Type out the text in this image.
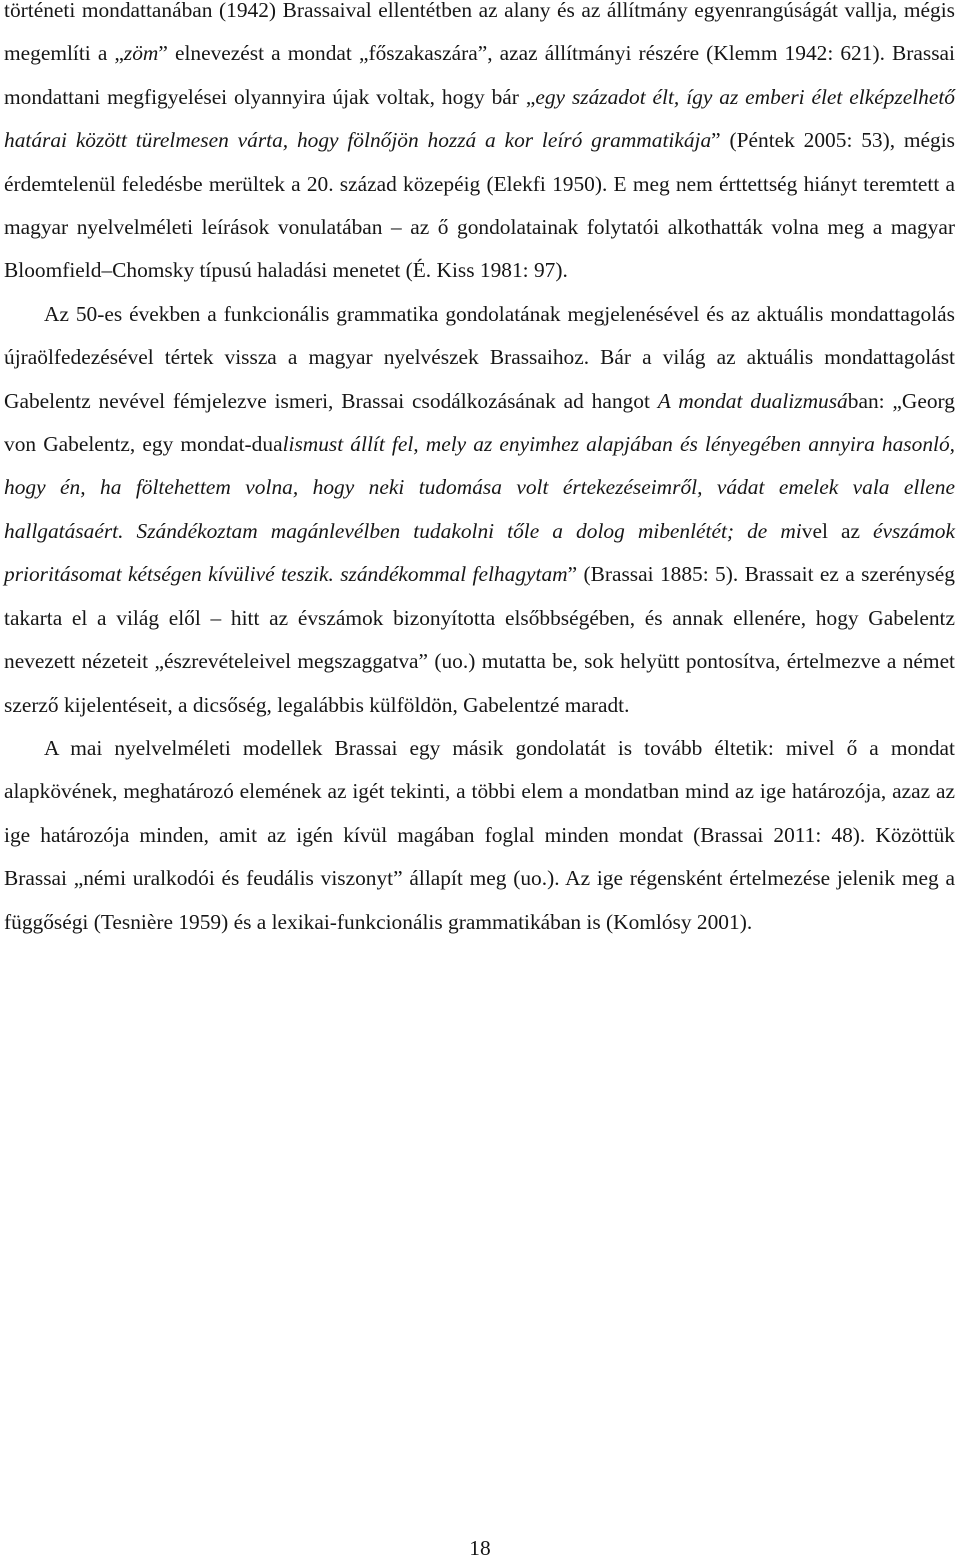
történeti mondattanában (1942) Brassaival ellentétben az alany és az állítmány egyenrangúságát vallja, mégis megemlíti a „zöm” elnevezést a mondat „főszakaszára”, azaz állítmányi részére (Klemm 1942: 621). Brassai mondattani megfigyelései olyannyira újak voltak, hogy bár „egy századot élt, így az emberi élet elképzelhető határai között türelmesen várta, hogy fölnőjön hozzá a kor leíró grammatikája” (Péntek 2005: 53), mégis érdemtelenül feledésbe merültek a 20. század közepéig (Elekfi 1950). E meg nem érttettség hiányt teremtett a magyar nyelvelméleti leírások vonulatában – az ő gondolatainak folytatói alkothatták volna meg a magyar Bloomfield–Chomsky típusú haladási menetet (É. Kiss 1981: 97).

Az 50-es években a funkcionális grammatika gondolatának megjelenésével és az aktuális mondattagolás újraölfedezésével tértek vissza a magyar nyelvészek Brassaihoz. Bár a világ az aktuális mondattagolást Gabelentz nevével fémjelezve ismeri, Brassai csodálkozásának ad hangot A mondat dualizmusában: „Georg von Gabelentz, egy mondat-dualismust állít fel, mely az enyimhez alapjában és lényegében annyira hasonló, hogy én, ha föltehettem volna, hogy neki tudomása volt értekezéseimről, vádat emelek vala ellene hallgatásaért. Szándékoztam magánlevélben tudakolni tőle a dolog mibenlétét; de mivel az évszámok prioritásomat kétségen kívülivé teszik. szándékommal felhagytam” (Brassai 1885: 5). Brassait ez a szerénység takarta el a világ elől – hitt az évszámok bizonyította elsőbbségében, és annak ellenére, hogy Gabelentz nevezett nézeteit „észrevételeivel megszaggatva” (uo.) mutatta be, sok helyütt pontosítva, értelmezve a német szerző kijelentéseit, a dicsőség, legalábbis külföldön, Gabelentzé maradt.

A mai nyelvelméleti modellek Brassai egy másik gondolatát is tovább éltetik: mivel ő a mondat alapkövének, meghatározó elemének az igét tekinti, a többi elem a mondatban mind az ige határozója, azaz az ige határozója minden, amit az igén kívül magában foglal minden mondat (Brassai 2011: 48). Közöttük Brassai „némi uralkodói és feudális viszonyt” állapít meg (uo.). Az ige régensként értelmezése jelenik meg a függőségi (Tesnière 1959) és a lexikai-funkcionális grammatikában is (Komlósy 2001).

18
